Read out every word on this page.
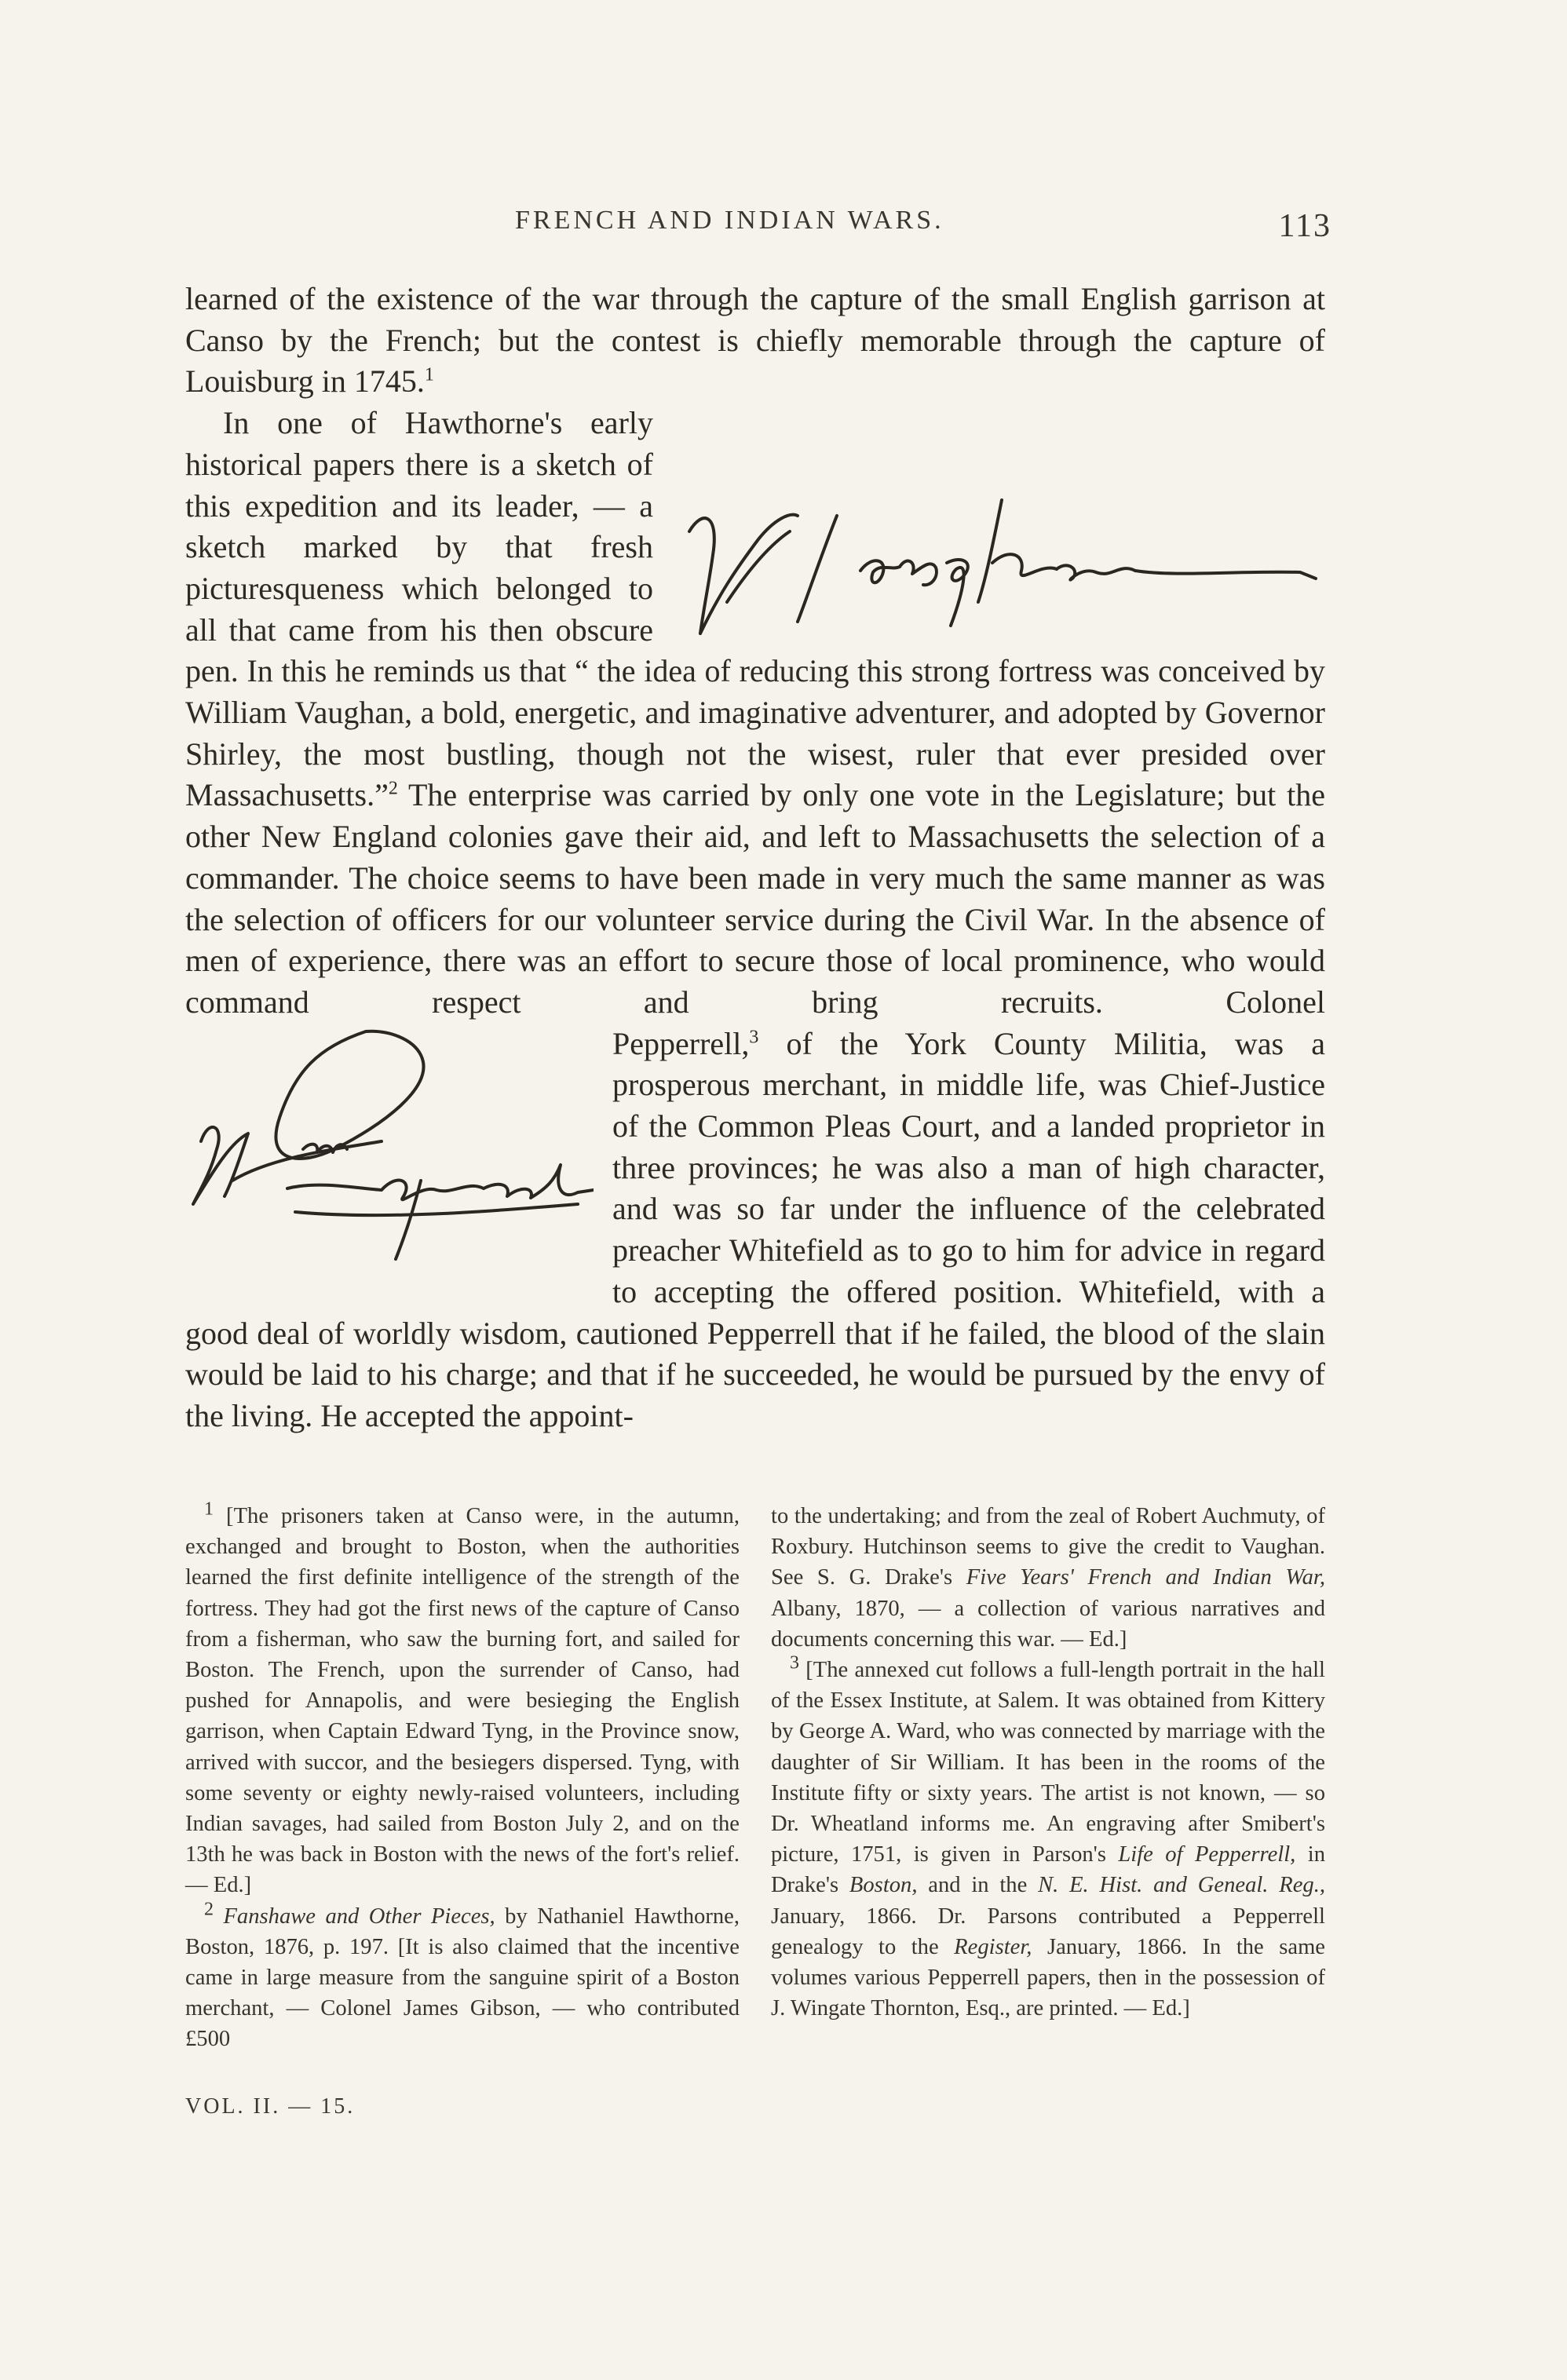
FRENCH AND INDIAN WARS.	113

learned of the existence of the war through the capture of the small English garrison at Canso by the French; but the contest is chiefly memorable through the capture of Louisburg in 1745.$^1$

In one of Hawthorne's early historical papers there is a sketch of this expedition and its leader, — a sketch marked by that fresh picturesqueness which belonged to all that came from his then obscure pen. In this he reminds us that “ the idea of reducing this strong fortress was conceived by William Vaughan, a bold, energetic, and imaginative adventurer, and adopted by Governor Shirley, the most bustling, though not the wisest, ruler that ever presided over Massachusetts.”$^2$ The enterprise was carried by only one vote in the Legislature; but the other New England colonies gave their aid, and left to Massachusetts the selection of a commander. The choice seems to have been made in very much the same manner as was the selection of officers for our volunteer service during the Civil War. In the absence of men of experience, there was an effort to secure those of local prominence, who would command respect and bring recruits. Colonel Pepperrell,
$^3$ of the York County Militia, was a prosperous merchant, in middle life, was Chief-Justice of the Common Pleas Court, and a landed proprietor in three provinces; he was also a man of high character, and was so far under the influence of the celebrated preacher Whitefield as to go to him for advice in regard to accepting the offered position. Whitefield, with a good deal of worldly wisdom, cautioned Pepperrell that if he failed, the blood of the slain would be laid to his charge; and that if he succeeded, he would be pursued by the envy of the living. He accepted the appoint-

$^1$ [The prisoners taken at Canso were, in the autumn, exchanged and brought to Boston, when the authorities learned the first definite intelligence of the strength of the fortress. They had got the first news of the capture of Canso from a fisherman, who saw the burning fort, and sailed for Boston. The French, upon the surrender of Canso, had pushed for Annapolis, and were besieging the English garrison, when Captain Edward Tyng, in the Province snow, arrived with succor, and the besiegers dispersed. Tyng, with some seventy or eighty newly-raised volunteers, including Indian savages, had sailed from Boston July 2, and on the 13th he was back in Boston with the news of the fort's relief. — Ed.]

$^2$ Fanshawe and Other Pieces, by Nathaniel Hawthorne, Boston, 1876, p. 197. [It is also claimed that the incentive came in large measure from the sanguine spirit of a Boston merchant, — Colonel James Gibson, — who contributed £500

VOL. II. — 15.

to the undertaking; and from the zeal of Robert Auchmuty, of Roxbury. Hutchinson seems to give the credit to Vaughan. See S. G. Drake's Five Years' French and Indian War, Albany, 1870, — a collection of various narratives and documents concerning this war. — Ed.]

$^3$ [The annexed cut follows a full-length portrait in the hall of the Essex Institute, at Salem. It was obtained from Kittery by George A. Ward, who was connected by marriage with the daughter of Sir William. It has been in the rooms of the Institute fifty or sixty years. The artist is not known, — so Dr. Wheatland informs me. An engraving after Smibert's picture, 1751, is given in Parson's Life of Pepperrell, in Drake's Boston, and in the N. E. Hist. and Geneal. Reg., January, 1866. Dr. Parsons contributed a Pepperrell genealogy to the Register, January, 1866. In the same volumes various Pepperrell papers, then in the possession of J. Wingate Thornton, Esq., are printed. — Ed.]
